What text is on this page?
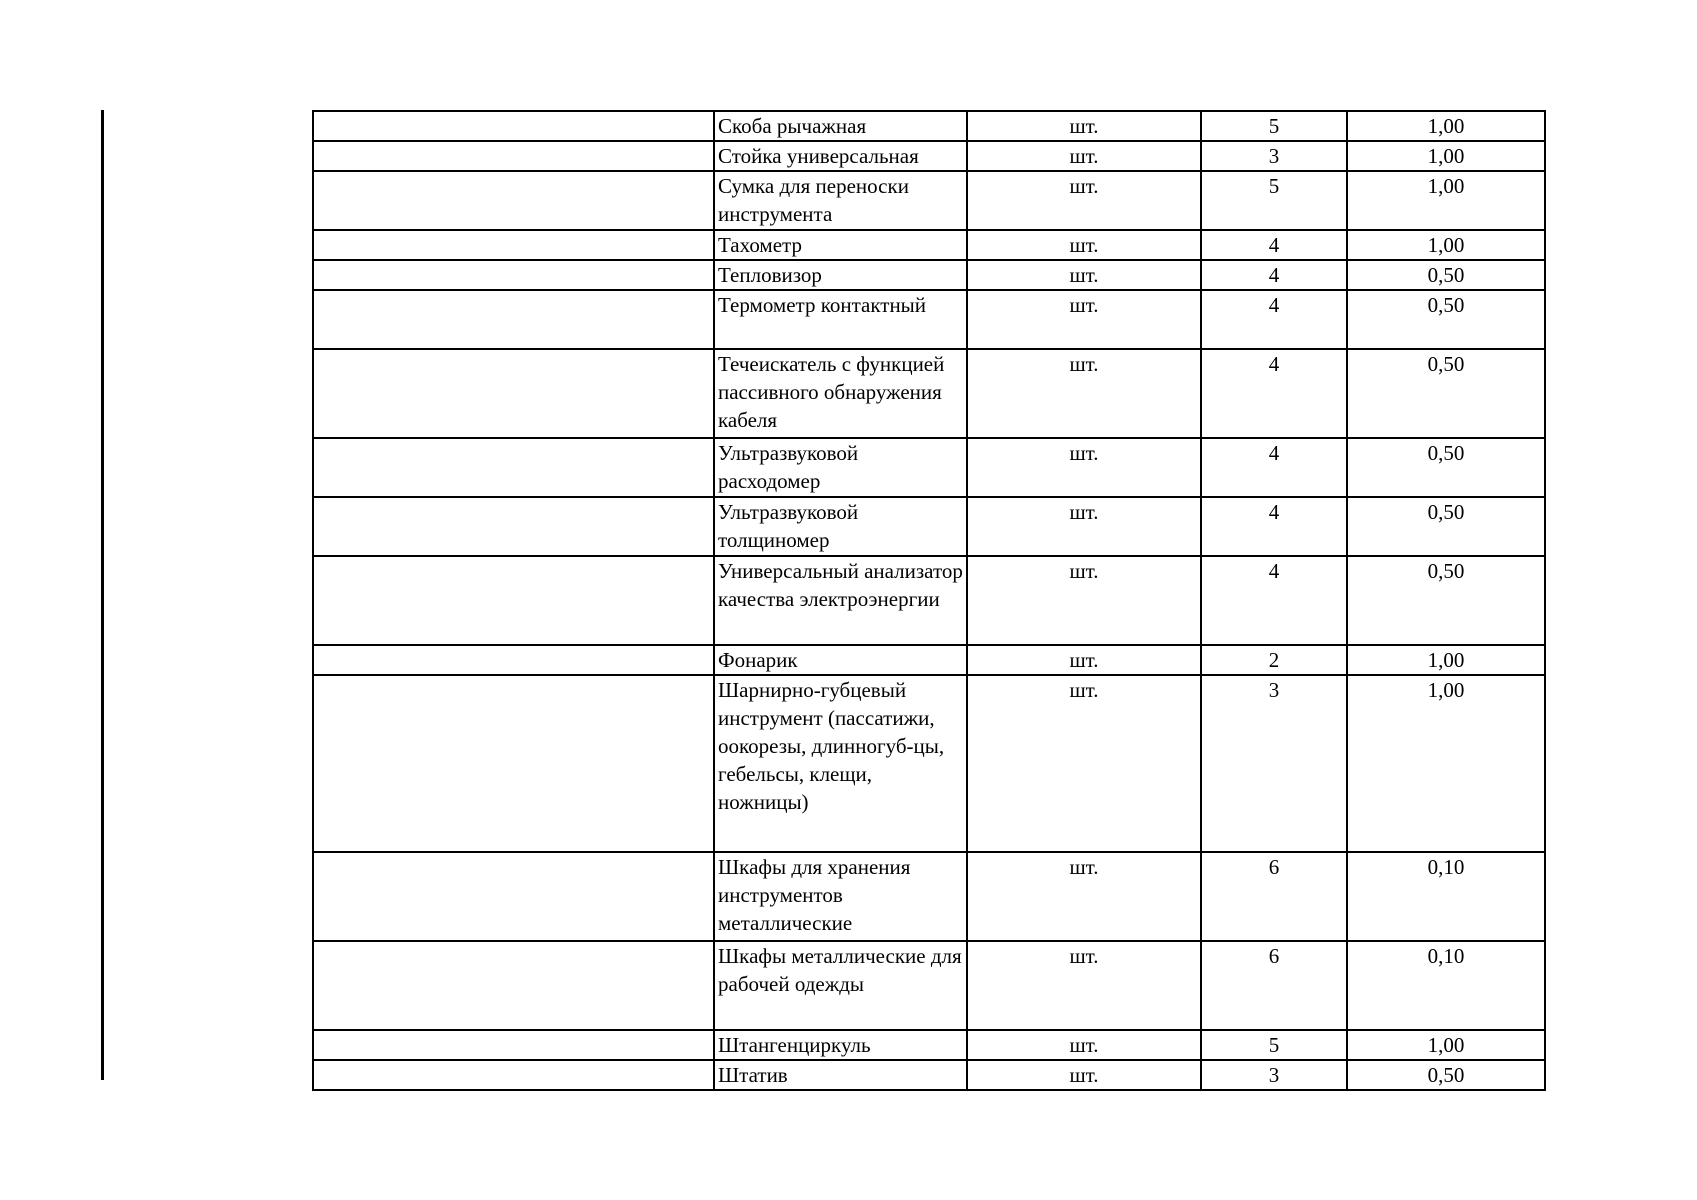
	Скоба рычажная	шт.	5	1,00
	Стойка универсальная	шт.	3	1,00
	Сумка для переноски инструмента	шт.	5	1,00
	Тахометр	шт.	4	1,00
	Тепловизор	шт.	4	0,50
	Термометр контактный	шт.	4	0,50
	Течеискатель с функцией пассивного обнаружения кабеля	шт.	4	0,50
	Ультразвуковой расходомер	шт.	4	0,50
	Ультразвуковой толщиномер	шт.	4	0,50
	Универсальный анализатор качества электроэнергии	шт.	4	0,50
	Фонарик	шт.	2	1,00
	Шарнирно-губцевый инструмент (пассатижи, оокорезы, длинногуб-цы, гебельсы, клещи, ножницы)	шт.	3	1,00
	Шкафы для хранения инструментов металлические	шт.	6	0,10
	Шкафы металлические для рабочей одежды	шт.	6	0,10
	Штангенциркуль	шт.	5	1,00
	Штатив	шт.	3	0,50
